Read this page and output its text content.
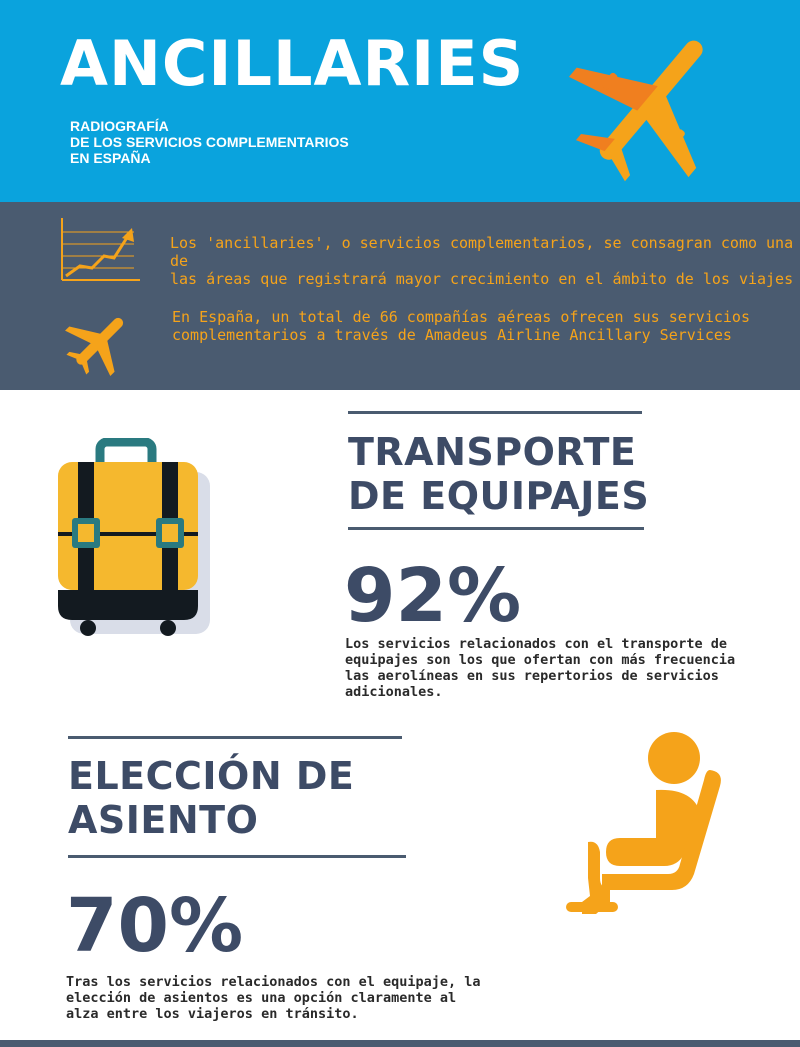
ANCILLARIES

RADIOGRAFÍA
DE LOS SERVICIOS COMPLEMENTARIOS
EN ESPAÑA

Los 'ancillaries', o servicios complementarios, se consagran como una de
las áreas que registrará mayor crecimiento en el ámbito de los viajes

En España, un total de 66 compañías aéreas ofrecen sus servicios
complementarios a través de Amadeus Airline Ancillary Services

TRANSPORTE
DE EQUIPAJES
92%

Los servicios relacionados con el transporte de
equipajes son los que ofertan con más frecuencia
las aerolíneas en sus repertorios de servicios
adicionales.

ELECCIÓN DE
ASIENTO
70%

Tras los servicios relacionados con el equipaje, la
elección de asientos es una opción claramente al
alza entre los viajeros en tránsito.
